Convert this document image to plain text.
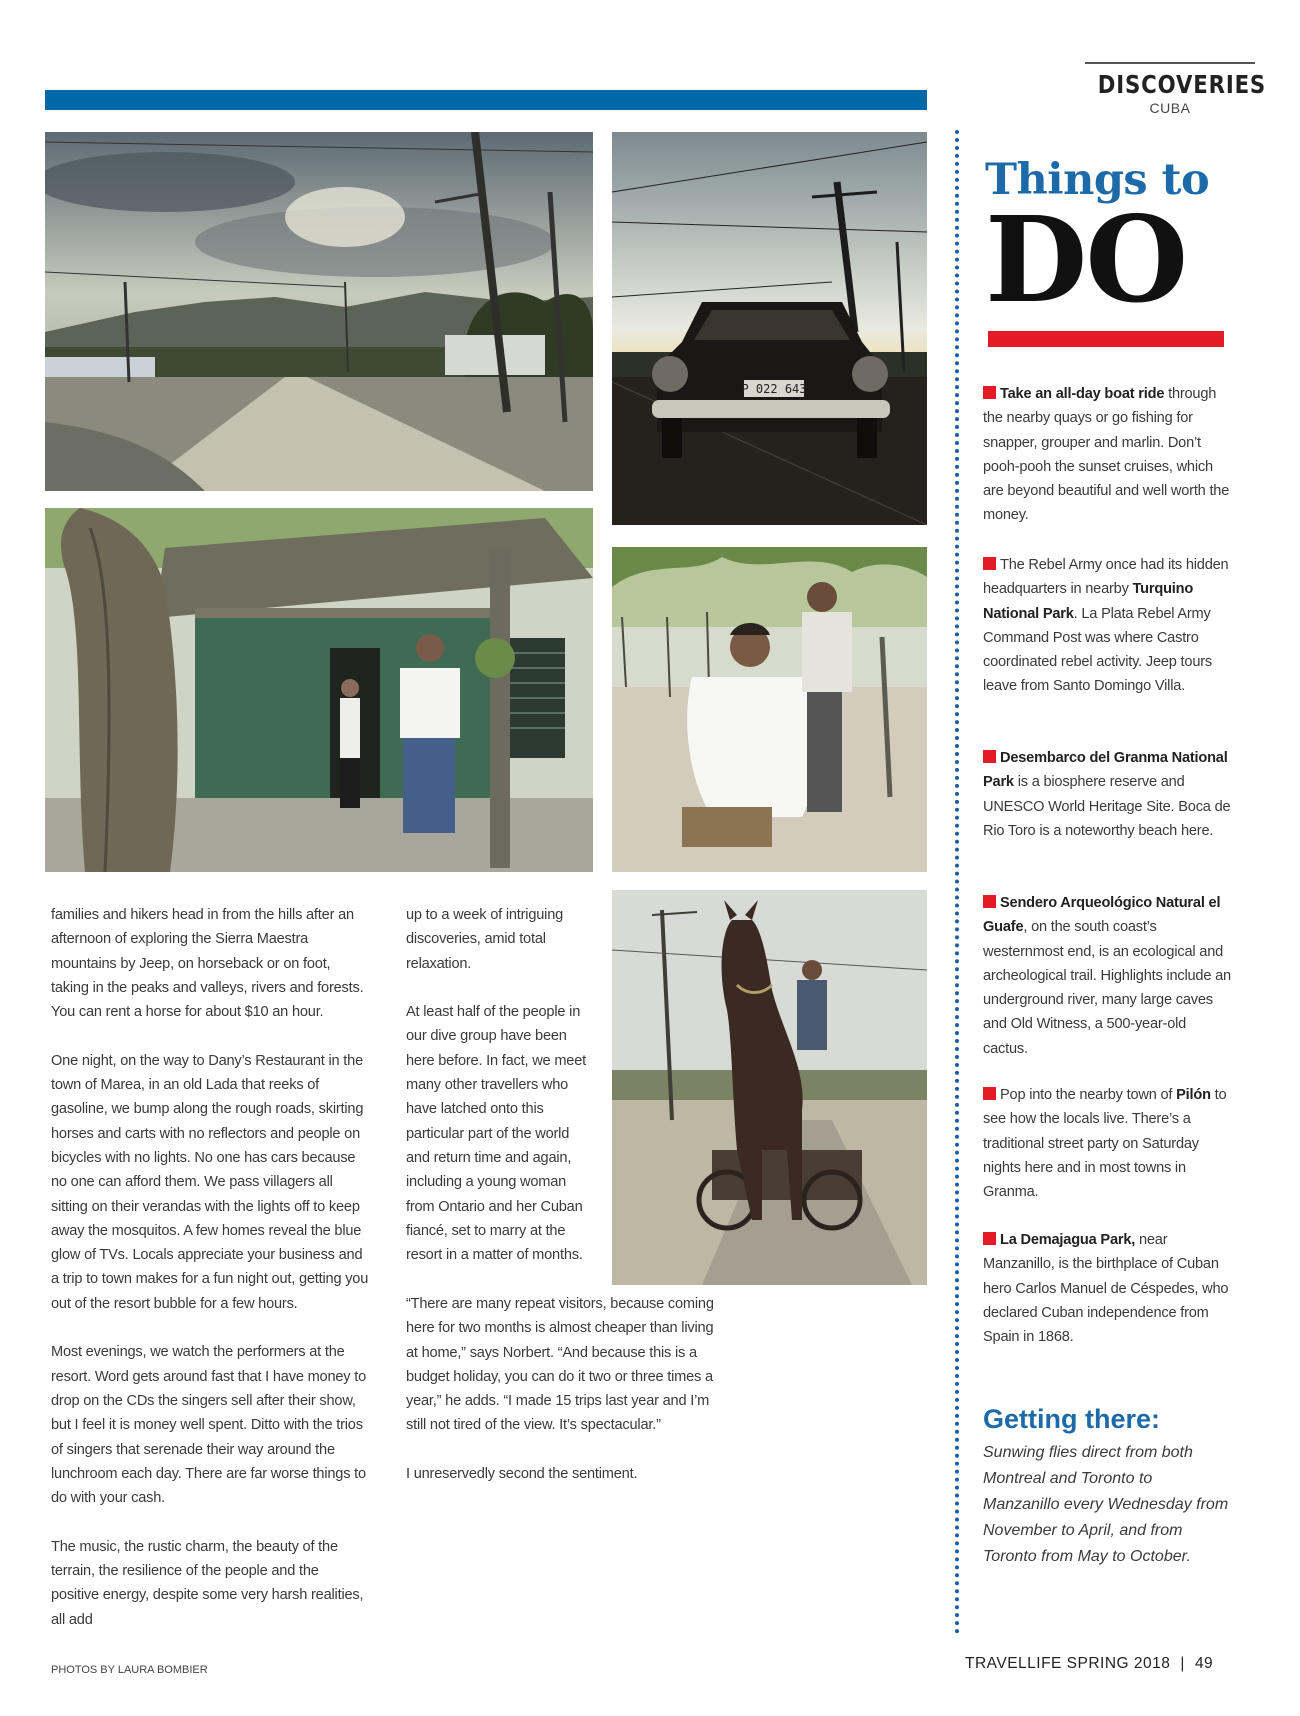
DISCOVERIES
CUBA
P 022 643

families and hikers head in from the hills after an afternoon of exploring the Sierra Maestra mountains by Jeep, on horseback or on foot, taking in the peaks and valleys, rivers and forests. You can rent a horse for about $10 an hour.

One night, on the way to Dany’s Restaurant in the town of Marea, in an old Lada that reeks of gasoline, we bump along the rough roads, skirting horses and carts with no reflectors and people on bicycles with no lights. No one has cars because no one can afford them. We pass villagers all sitting on their verandas with the lights off to keep away the mosquitos. A few homes reveal the blue glow of TVs. Locals appreciate your business and a trip to town makes for a fun night out, getting you out of the resort bubble for a few hours.

Most evenings, we watch the performers at the resort. Word gets around fast that I have money to drop on the CDs the singers sell after their show, but I feel it is money well spent. Ditto with the trios of singers that serenade their way around the lunchroom each day. There are far worse things to do with your cash.

The music, the rustic charm, the beauty of the terrain, the resilience of the people and the positive energy, despite some very harsh realities, all add

up to a week of intriguing discoveries, amid total relaxation.

At least half of the people in our dive group have been here before. In fact, we meet many other travellers who have latched onto this particular part of the world and return time and again, including a young woman from Ontario and her Cuban fiancé, set to marry at the resort in a matter of months.

“There are many repeat visitors, because coming here for two months is almost cheaper than living at home,” says Norbert. “And because this is a budget holiday, you can do it two or three times a year,” he adds. “I made 15 trips last year and I’m still not tired of the view. It’s spectacular.”

I unreservedly second the sentiment.

Things to
DO
Take an all-day boat ride through the nearby quays or go fishing for snapper, grouper and marlin. Don’t pooh-pooh the sunset cruises, which are beyond beautiful and well worth the money.
The Rebel Army once had its hidden headquarters in nearby Turquino National Park. La Plata Rebel Army Command Post was where Castro coordinated rebel activity. Jeep tours leave from Santo Domingo Villa.
Desembarco del Granma National Park is a biosphere reserve and UNESCO World Heritage Site. Boca de Rio Toro is a noteworthy beach here.
Sendero Arqueológico Natural el Guafe, on the south coast’s westernmost end, is an ecological and archeological trail. Highlights include an underground river, many large caves and Old Witness, a 500-year-old cactus.
Pop into the nearby town of Pilón to see how the locals live. There’s a traditional street party on Saturday nights here and in most towns in Granma.
La Demajagua Park, near Manzanillo, is the birthplace of Cuban hero Carlos Manuel de Céspedes, who declared Cuban independence from Spain in 1868.
Getting there:
Sunwing flies direct from both Montreal and Toronto to Manzanillo every Wednesday from November to April, and from Toronto from May to October.
PHOTOS BY LAURA BOMBIER	TRAVELLIFE SPRING 2018 | 49
